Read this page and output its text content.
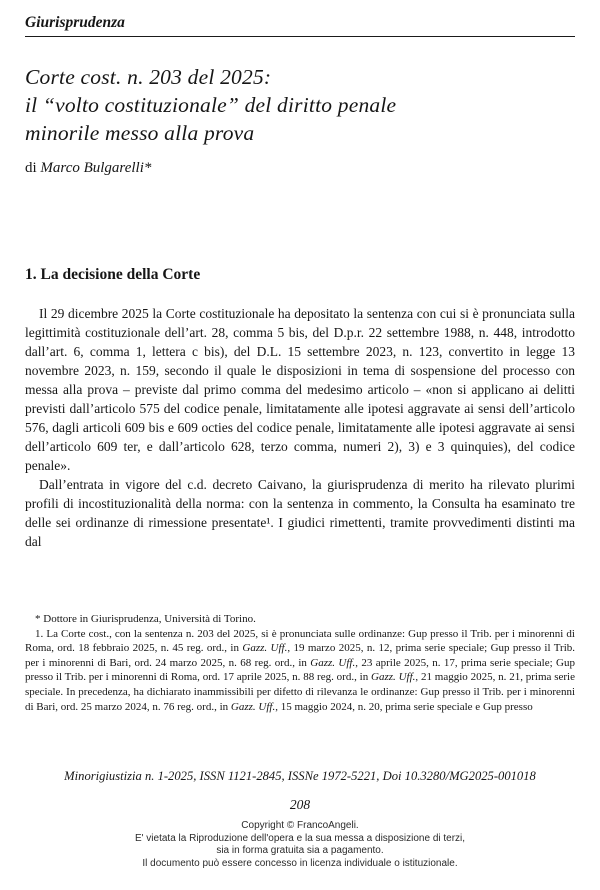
Giurisprudenza
Corte cost. n. 203 del 2025:
il “volto costituzionale” del diritto penale
minorile messo alla prova
di Marco Bulgarelli*
1. La decisione della Corte

Il 29 dicembre 2025 la Corte costituzionale ha depositato la sentenza con cui si è pronunciata sulla legittimità costituzionale dell’art. 28, comma 5 bis, del D.p.r. 22 settembre 1988, n. 448, introdotto dall’art. 6, comma 1, lettera c bis), del D.L. 15 settembre 2023, n. 123, convertito in legge 13 novembre 2023, n. 159, secondo il quale le disposizioni in tema di sospensione del processo con messa alla prova – previste dal primo comma del medesimo articolo – «non si applicano ai delitti previsti dall’articolo 575 del codice penale, limitatamente alle ipotesi aggravate ai sensi dell’articolo 576, dagli articoli 609 bis e 609 octies del codice penale, limitatamente alle ipotesi aggravate ai sensi dell’articolo 609 ter, e dall’articolo 628, terzo comma, numeri 2), 3) e 3 quinquies), del codice penale».

Dall’entrata in vigore del c.d. decreto Caivano, la giurisprudenza di merito ha rilevato plurimi profili di incostituzionalità della norma: con la sentenza in commento, la Consulta ha esaminato tre delle sei ordinanze di rimessione presentate¹. I giudici rimettenti, tramite provvedimenti distinti ma dal

* Dottore in Giurisprudenza, Università di Torino.

1. La Corte cost., con la sentenza n. 203 del 2025, si è pronunciata sulle ordinanze: Gup presso il Trib. per i minorenni di Roma, ord. 18 febbraio 2025, n. 45 reg. ord., in Gazz. Uff., 19 marzo 2025, n. 12, prima serie speciale; Gup presso il Trib. per i minorenni di Bari, ord. 24 marzo 2025, n. 68 reg. ord., in Gazz. Uff., 23 aprile 2025, n. 17, prima serie speciale; Gup presso il Trib. per i minorenni di Roma, ord. 17 aprile 2025, n. 88 reg. ord., in Gazz. Uff., 21 maggio 2025, n. 21, prima serie speciale. In precedenza, ha dichiarato inammissibili per difetto di rilevanza le ordinanze: Gup presso il Trib. per i minorenni di Bari, ord. 25 marzo 2024, n. 76 reg. ord., in Gazz. Uff., 15 maggio 2024, n. 20, prima serie speciale e Gup presso

Minorigiustizia n. 1-2025, ISSN 1121-2845, ISSNe 1972-5221, Doi 10.3280/MG2025-001018
208
Copyright © FrancoAngeli.
E' vietata la Riproduzione dell'opera e la sua messa a disposizione di terzi,
sia in forma gratuita sia a pagamento.
Il documento può essere concesso in licenza individuale o istituzionale.
